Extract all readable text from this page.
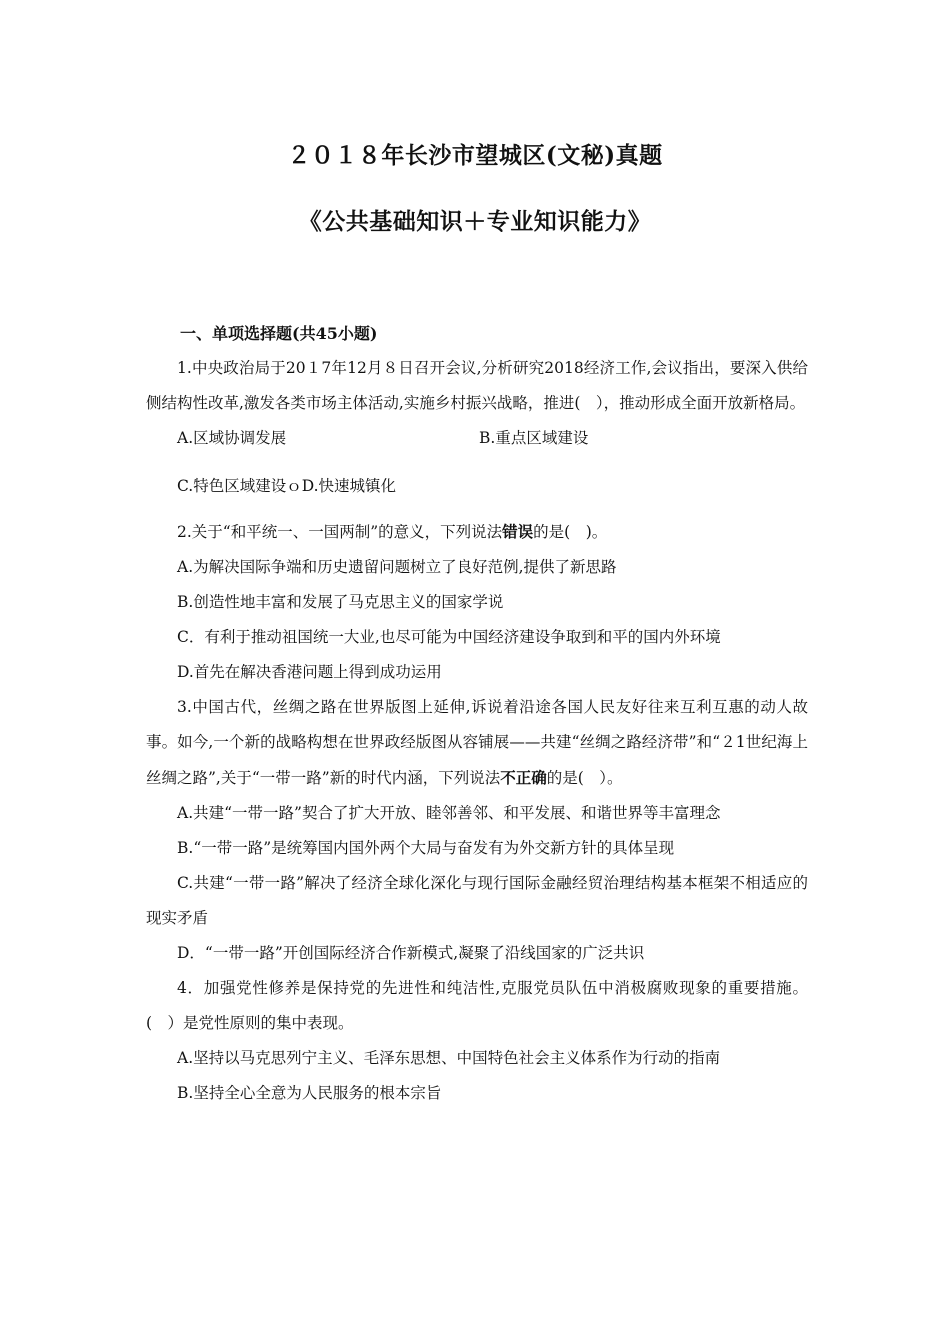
２０１８年长沙市望城区(文秘)真题
《公共基础知识＋专业知识能力》
一、单项选择题(共45小题)

1.中央政治局于20１7年12月８日召开会议,分析研究2018经济工作,会议指出，要深入供给侧结构性改革,激发各类市场主体活动,实施乡村振兴战略，推进(　），推动形成全面开放新格局。

A.区域协调发展	B.重点区域建设

C.特色区域建设ｏD.快速城镇化

2.关于“和平统一、一国两制”的意义，下列说法错误的是(　)。

A.为解决国际争端和历史遗留问题树立了良好范例,提供了新思路

B.创造性地丰富和发展了马克思主义的国家学说

C．有利于推动祖国统一大业,也尽可能为中国经济建设争取到和平的国内外环境

D.首先在解决香港问题上得到成功运用

3.中国古代，丝绸之路在世界版图上延伸,诉说着沿途各国人民友好往来互利互惠的动人故事。如今,一个新的战略构想在世界政经版图从容铺展——共建“丝绸之路经济带”和“２1世纪海上丝绸之路”,关于“一带一路”新的时代内涵，下列说法不正确的是(　）。

A.共建“一带一路”契合了扩大开放、睦邻善邻、和平发展、和谐世界等丰富理念

B.“一带一路”是统筹国内国外两个大局与奋发有为外交新方针的具体呈现

C.共建“一带一路”解决了经济全球化深化与现行国际金融经贸治理结构基本框架不相适应的现实矛盾

D．“一带一路”开创国际经济合作新模式,凝聚了沿线国家的广泛共识

4．加强党性修养是保持党的先进性和纯洁性,克服党员队伍中消极腐败现象的重要措施。(　）是党性原则的集中表现。

A.坚持以马克思列宁主义、毛泽东思想、中国特色社会主义体系作为行动的指南

B.坚持全心全意为人民服务的根本宗旨
